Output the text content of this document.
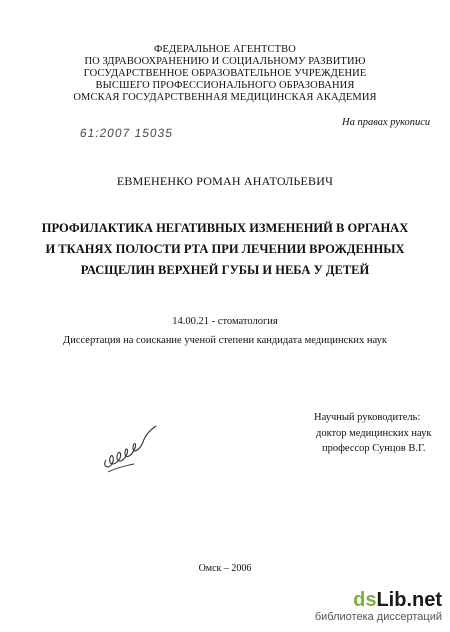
ФЕДЕРАЛЬНОЕ АГЕНТСТВО
ПО ЗДРАВООХРАНЕНИЮ И СОЦИАЛЬНОМУ РАЗВИТИЮ
ГОСУДАРСТВЕННОЕ ОБРАЗОВАТЕЛЬНОЕ УЧРЕЖДЕНИЕ
ВЫСШЕГО ПРОФЕССИОНАЛЬНОГО ОБРАЗОВАНИЯ
ОМСКАЯ ГОСУДАРСТВЕННАЯ МЕДИЦИНСКАЯ АКАДЕМИЯ
61:2007 15035
На правах рукописи
ЕВМЕНЕНКО РОМАН АНАТОЛЬЕВИЧ
ПРОФИЛАКТИКА НЕГАТИВНЫХ ИЗМЕНЕНИЙ В ОРГАНАХ
И ТКАНЯХ ПОЛОСТИ РТА ПРИ ЛЕЧЕНИИ ВРОЖДЕННЫХ
РАСЩЕЛИН ВЕРХНЕЙ ГУБЫ И НЕБА У ДЕТЕЙ
14.00.21 - стоматология
Диссертация на соискание ученой степени кандидата медицинских наук
Научный руководитель:
доктор медицинских наук
профессор Сунцов В.Г.
Омск – 2006
dsLib.net
библиотека диссертаций
